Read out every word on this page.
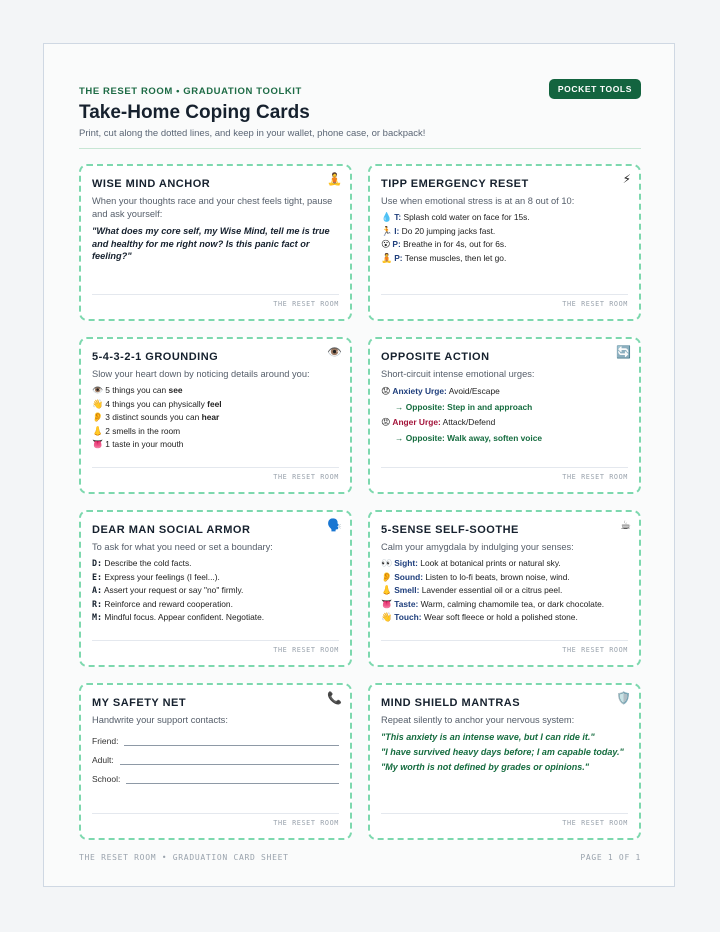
THE RESET ROOM • GRADUATION TOOLKIT	POCKET TOOLS
Take-Home Coping Cards
Print, cut along the dotted lines, and keep in your wallet, phone case, or backpack!
🧘
WISE MIND ANCHOR
When your thoughts race and your chest feels tight, pause and ask yourself:
"What does my core self, my Wise Mind, tell me is true and healthy for me right now? Is this panic fact or feeling?"
THE RESET ROOM
⚡
TIPP EMERGENCY RESET
Use when emotional stress is at an 8 out of 10:
💧 T: Splash cold water on face for 15s.
🏃 I: Do 20 jumping jacks fast.
😮 P: Breathe in for 4s, out for 6s.
🧘 P: Tense muscles, then let go.
THE RESET ROOM
👁️
5-4-3-2-1 GROUNDING
Slow your heart down by noticing details around you:
👁️ 5 things you can see
👋 4 things you can physically feel
👂 3 distinct sounds you can hear
👃 2 smells in the room
👅 1 taste in your mouth
THE RESET ROOM
🔄
OPPOSITE ACTION
Short-circuit intense emotional urges:
😟 Anxiety Urge: Avoid/Escape
→ Opposite: Step in and approach
😡 Anger Urge: Attack/Defend
→ Opposite: Walk away, soften voice
THE RESET ROOM
🗣️
DEAR MAN SOCIAL ARMOR
To ask for what you need or set a boundary:
D: Describe the cold facts.
E: Express your feelings (I feel...).
A: Assert your request or say "no" firmly.
R: Reinforce and reward cooperation.
M: Mindful focus. Appear confident. Negotiate.
THE RESET ROOM
☕
5-SENSE SELF-SOOTHE
Calm your amygdala by indulging your senses:
👀 Sight: Look at botanical prints or natural sky.
👂 Sound: Listen to lo-fi beats, brown noise, wind.
👃 Smell: Lavender essential oil or a citrus peel.
👅 Taste: Warm, calming chamomile tea, or dark chocolate.
👋 Touch: Wear soft fleece or hold a polished stone.
THE RESET ROOM
📞
MY SAFETY NET
Handwrite your support contacts:
Friend:
Adult:
School:
THE RESET ROOM
🛡️
MIND SHIELD MANTRAS
Repeat silently to anchor your nervous system:
"This anxiety is an intense wave, but I can ride it."
"I have survived heavy days before; I am capable today."
"My worth is not defined by grades or opinions."
THE RESET ROOM
THE RESET ROOM • GRADUATION CARD SHEET	PAGE 1 OF 1
